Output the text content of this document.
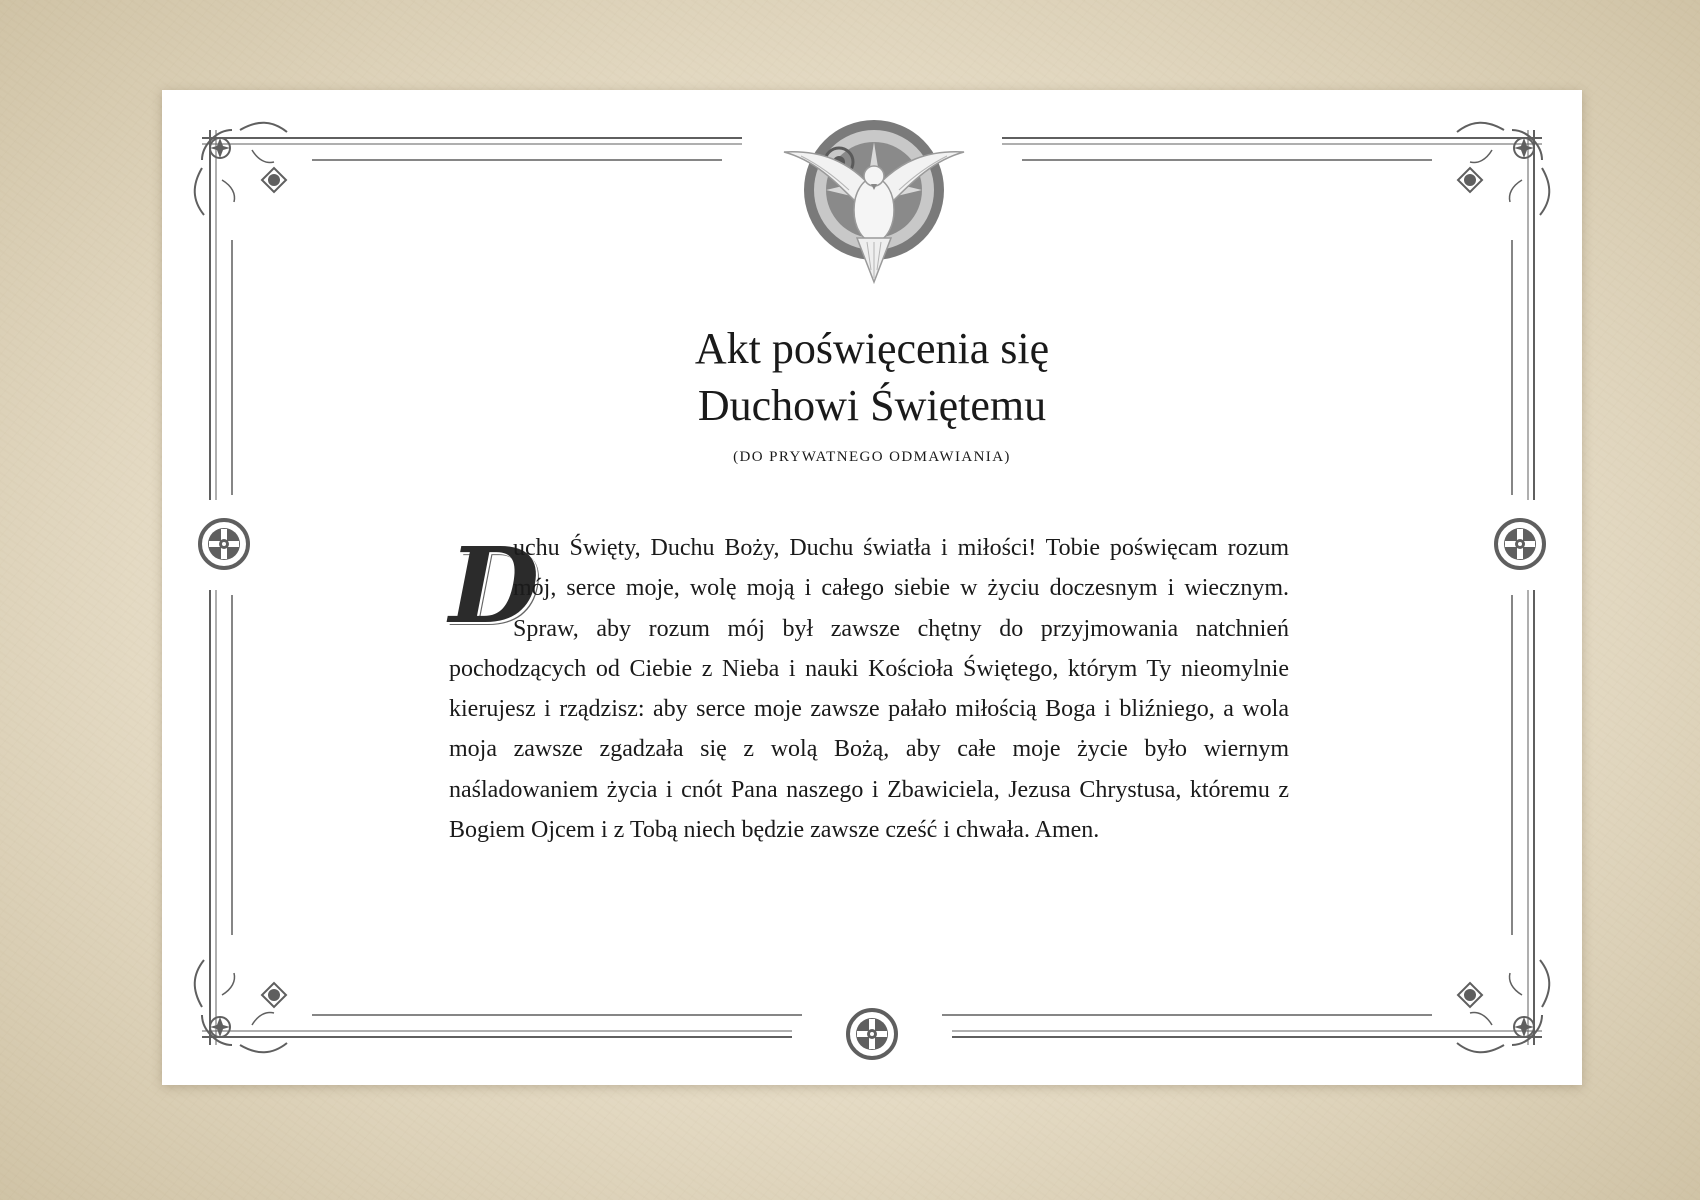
Akt poświęcenia się
Duchowi Świętemu
(DO PRYWATNEGO ODMAWIANIA)

D
uchu Święty, Duchu Boży, Duchu światła i miłości! Tobie poświęcam rozum mój, serce moje, wolę moją i całego siebie w życiu doczesnym i wiecznym. Spraw, aby rozum mój był zawsze chętny do przyjmowania natchnień pochodzących od Ciebie z Nieba i nauki Kościoła Świętego, którym Ty nieomylnie kierujesz i rządzisz: aby serce moje zawsze pałało miłością Boga i bliźniego, a wola moja zawsze zgadzała się z wolą Bożą, aby całe moje życie było wiernym naśladowaniem życia i cnót Pana naszego i Zbawiciela, Jezusa Chrystusa, któremu z Bogiem Ojcem i z Tobą niech będzie zawsze cześć i chwała. Amen.
